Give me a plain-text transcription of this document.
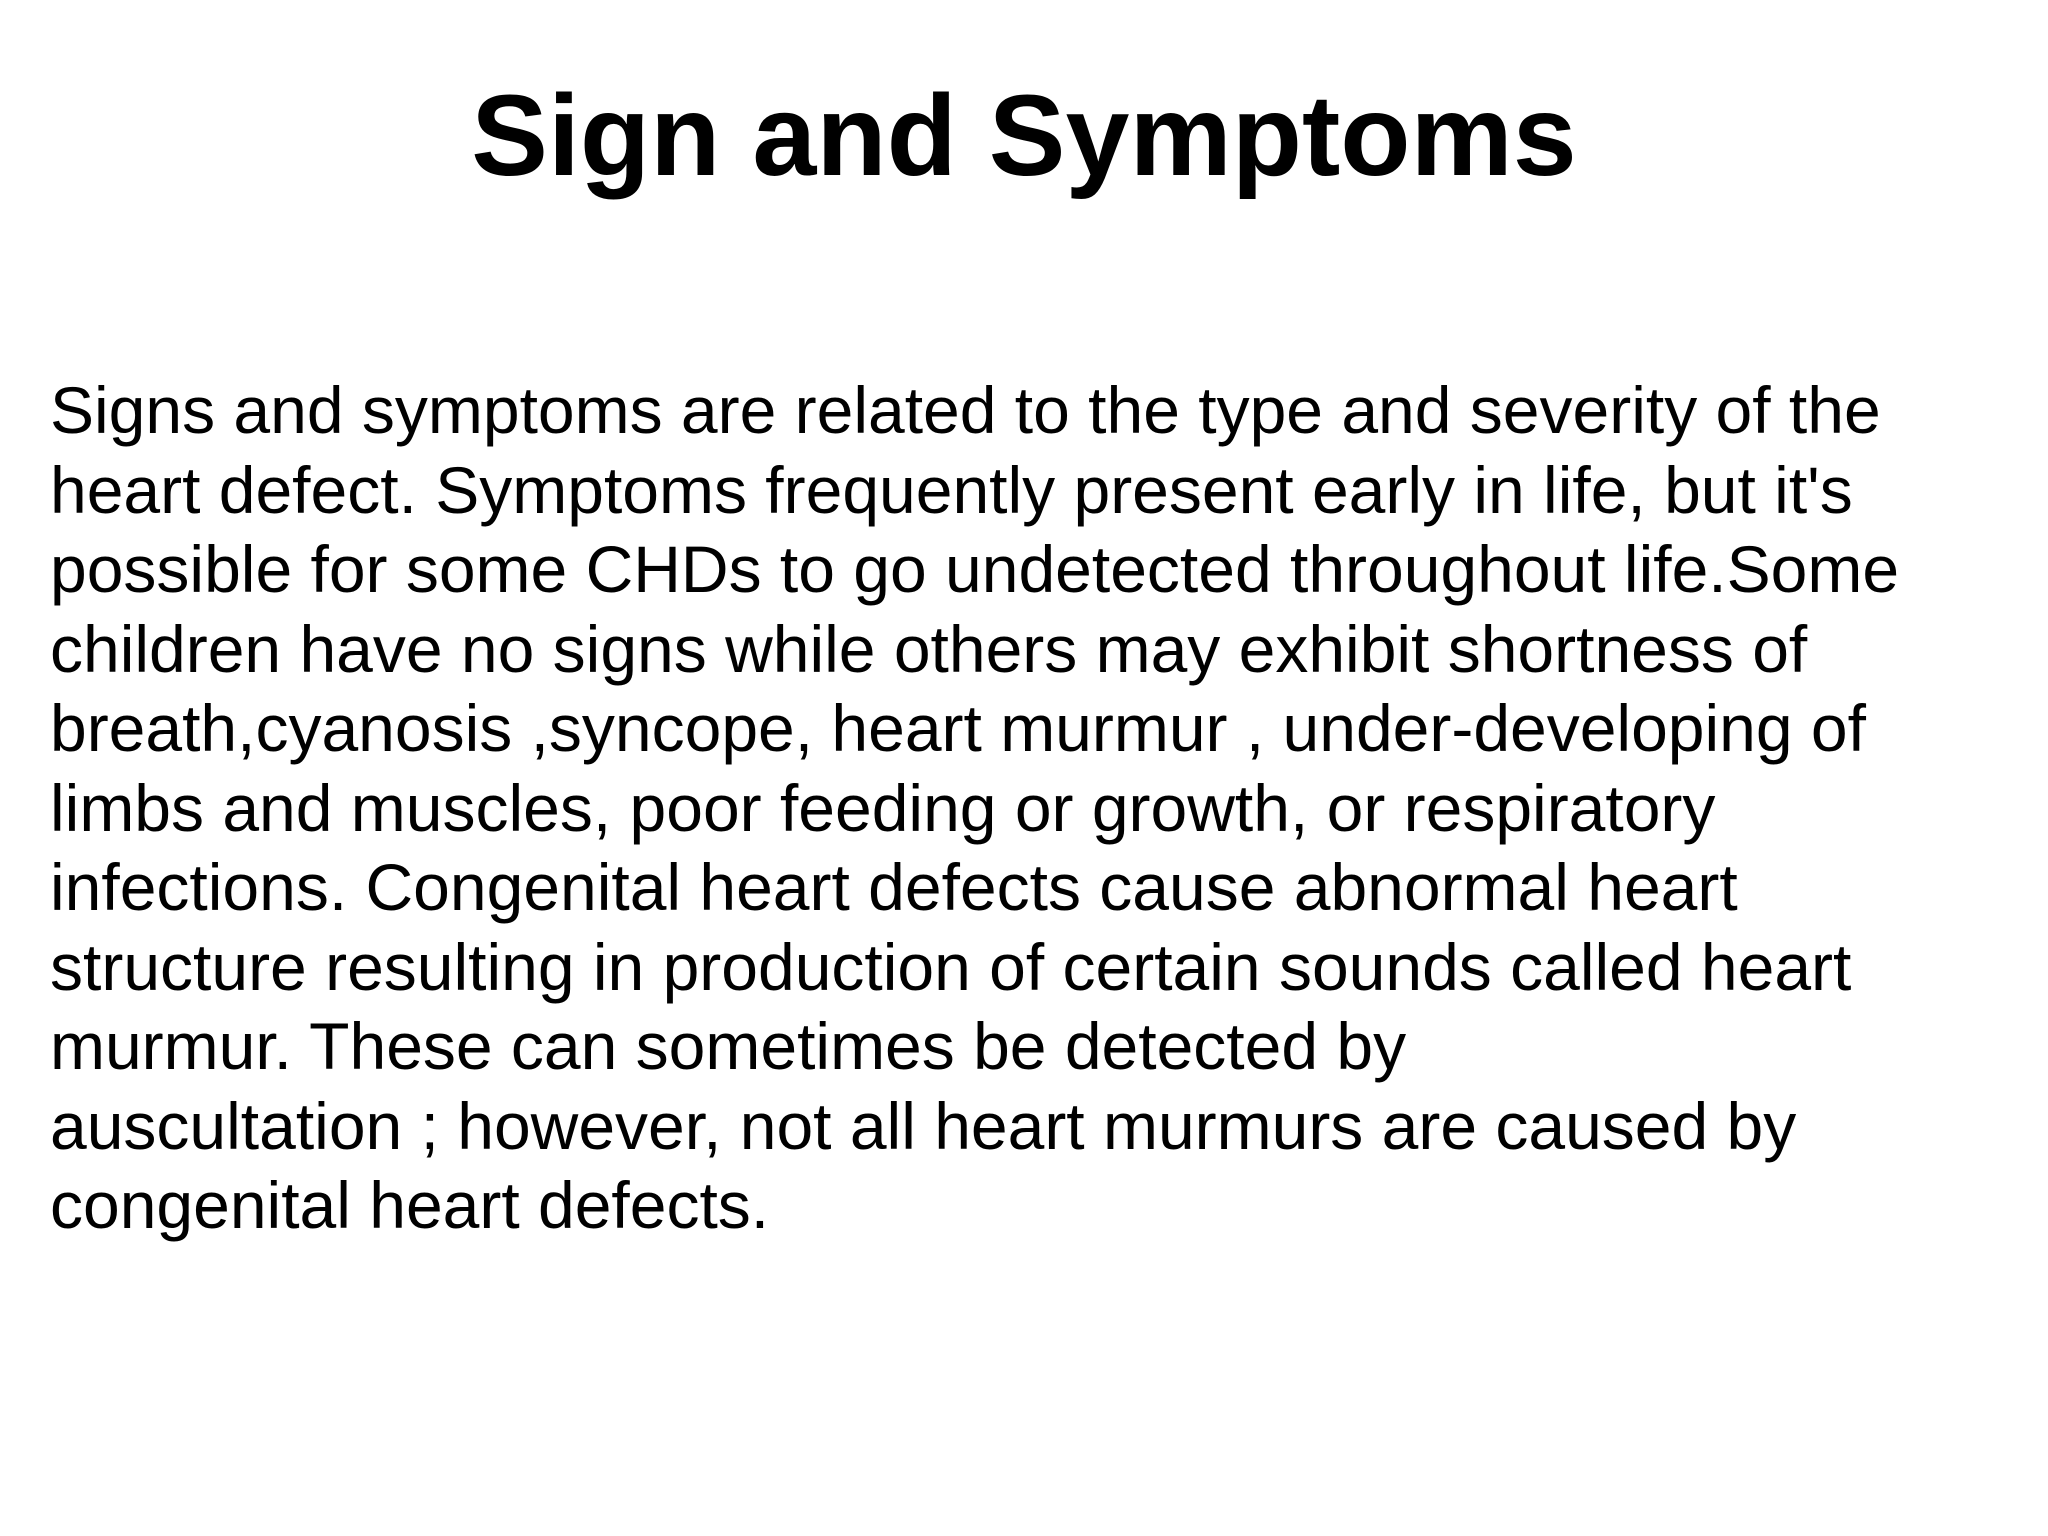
Sign and Symptoms
Signs and symptoms are related to the type and severity of the
heart defect. Symptoms frequently present early in life, but it's
possible for some CHDs to go undetected throughout life.Some
children have no signs while others may exhibit shortness of
breath,cyanosis ,syncope, heart murmur , under-developing of
limbs and muscles, poor feeding or growth, or respiratory
infections. Congenital heart defects cause abnormal heart
structure resulting in production of certain sounds called heart
murmur. These can sometimes be detected by
auscultation ; however, not all heart murmurs are caused by
congenital heart defects.
